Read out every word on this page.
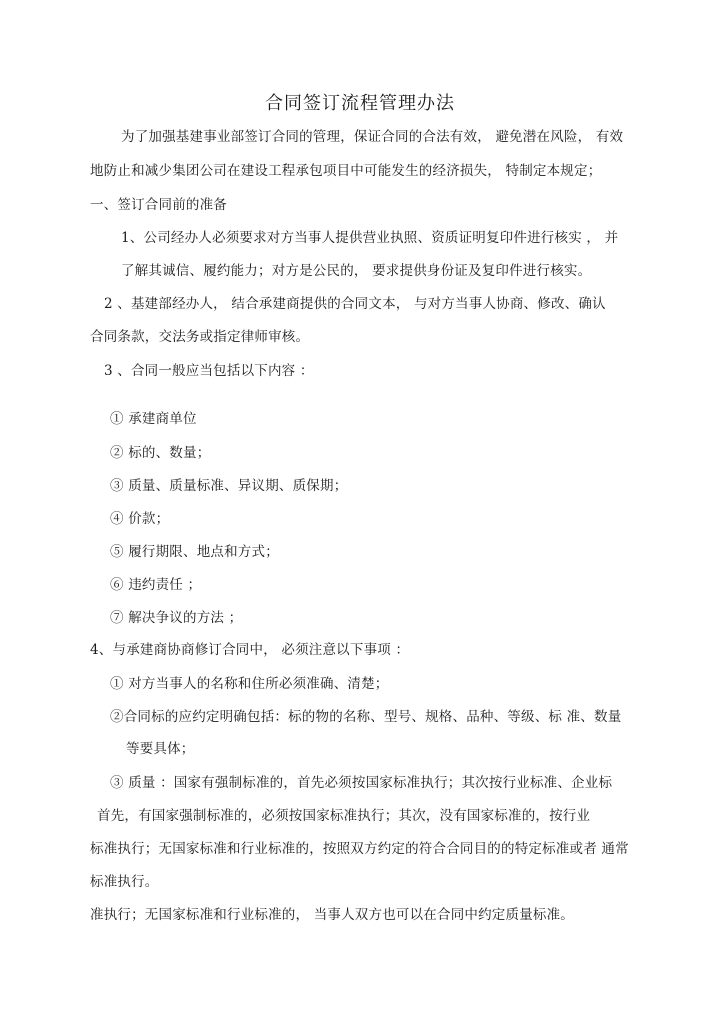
合同签订流程管理办法
为了加强基建事业部签订合同的管理，保证合同的合法有效， 避免潜在风险， 有效
地防止和减少集团公司在建设工程承包项目中可能发生的经济损失， 特制定本规定；
一、签订合同前的准备
1、公司经办人必须要求对方当事人提供营业执照、资质证明复印件进行核实 ， 并
了解其诚信、履约能力；对方是公民的， 要求提供身份证及复印件进行核实。
2 、基建部经办人， 结合承建商提供的合同文本， 与对方当事人协商、修改、确认
合同条款，交法务或指定律师审核。
3 、合同一般应当包括以下内容 ：
① 承建商单位
② 标的、数量；
③ 质量、质量标准、异议期、质保期；
④ 价款；
⑤ 履行期限、地点和方式；
⑥ 违约责任 ；
⑦ 解决争议的方法 ；
4、与承建商协商修订合同中， 必须注意以下事项 ：
① 对方当事人的名称和住所必须准确、清楚；
②合同标的应约定明确包括：标的物的名称、型号、规格、品种、等级、标 准、数量
等要具体；
③ 质量 ：国家有强制标准的，首先必须按国家标准执行；其次按行业标准、企业标
首先，有国家强制标准的，必须按国家标准执行；其次，没有国家标准的，按行业
标准执行；无国家标准和行业标准的，按照双方约定的符合合同目的的特定标准或者 通常
标准执行。
准执行；无国家标准和行业标准的， 当事人双方也可以在合同中约定质量标准。
